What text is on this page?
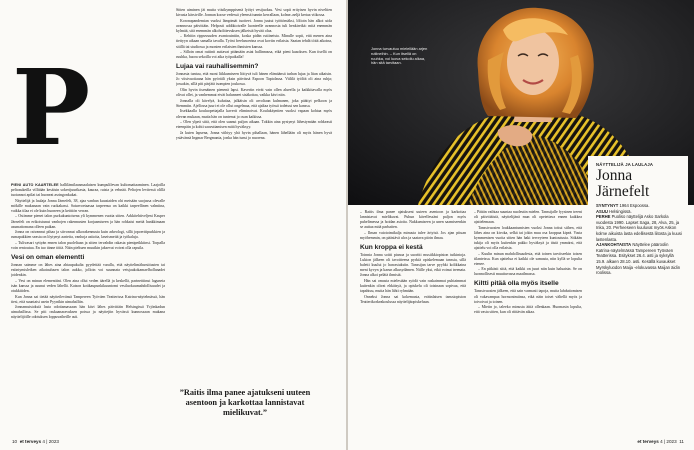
P

PIENI AUTO KAARTELEE hallilämilausmaalaisen kumpulilevan kultomattaaminen. Laajoilla peltoaukeilla villitään kesäisin sokerijuurikasta, kauraa, ruista ja vehnää. Peltojen levitessä olillä tuotannot apilat tai huoneat asringonkukat.

Näyttelijä ja laulaja Jonna Järnefelt, 38, ajaa vanhan kuusiaiden ohi metsään suojassa olevalle mökille mukanaan vain ruokakassi. Saturvoetaasaa tarpeensa on kaikki tarpeellinen valmiina, vaikka tilaa ei ole kuin huoneen ja keittiön verran.

– Ostimme pienet talon purkukuntoisena yli kymmenen vuotta sitten. Arkkitehtiveljeni Kasper Järnefelt on erikoistunut vanhojen rakennusten korjaamiseen ja hän rohkaisi meitä hankkimaan asumattomana olleen paikan.

Jonna on raivannut pihaa ja siivonnut ulkorakennusta kuin arkeologi, sillä jopoerttipurkkien ja rumapakkien seasta on löytynyt aarteita, vanhoja astioita, laseismeitä ja työkaluja.

– Tulivasari syttyän ennen talon puoleltaan ja sitten tervahdin rakasta pienipeikkiinsi. Torpalla voin rentoutua. En tuo tänne töitä. Näin pieltuen muutkin jaksevat voivat olla rapuila.

Vesi on oman elementti

Jonnan saimme on lähes aina ahtaupukulta pyydettää varalla, että näyttelimäharstitusten tai esiintymisleiken aikataulusen talon aukko, jolloin voi suunnata veisjaukokamaelhollanadet joidenkin.

– Vesi on minun elementtini. Olen aina ollut veden äärellä ja keskellä, parinettiinut laguneia isän kanssa ja asunut veden lähellä. Katson kotikaupunkikuuntomi vesiluokuumahdollisuudet ja otukkiiiden.

Kun Jonna sai tietää näytteilevänsä Tampereen Työväen Teatterissa Katrina-näytelmässä, hän tiesi, että suuntaisi usein Pyynikin uimahalliin.

Jonnamuistoksiä lasta odottamassaan hän kävi lähes päivittäin Helsingissä Yrjönkadun uimahallissa. Se piti raskaanaravuksen poissa ja näyttejiin hyvässä kunnossaan mukana näyttelijöille odotuksen loppuvaiheille asti.

Sitten uiminen jäi mutta viisikymppisenä lyötyt vesijuoksu. Vesi sopii erityisen hyvin niveltien kivusta kärsiville. Jonnan koose vedessä yleensä tunnin kerrallaan, kolme–neljä kertaa viikossa.

Koronapandemian vuoksi lämpimät tuotteet. Jonna juutui työttömäksi, lölioin hän alkoi uida avannossa päivittäin. Helposti addiktoivalle luonteelle avannosta tuli henkireikä: mitä enemmän kylmää, sitä enemmän alkoholittevuksen jälkeistä hyvää oloa.

– Kehitin rippuvuuden avantouintiin, koska pidän rutiineista. Minulle sopii, että menen aina tiettyyn aikaan samalla tavalla. Työni freelancerina ovat koviin erilaisia. Saatan tehdä töitä aikoina, sitillä tai studiossa ja monien erilaisten ihmisten kanssa.

– Silloin omat rutiinit auttavat pitämään asiat hallinnassa, eikä pieni kaaoksen. Kun itsellä on ruuhka, huora sekoilla voi aika työpaikalla!

Lujaa vai rauhallisemmin?

Jonnasta tuntuu, että moni liikkumiseen liittyvä tuli hänen elämäänsä turhan lujaa ja liian aikaisin. Jo viisivuotiaana hän pyöräili yksin päivässä Espoon Tapiolassa. Viililä työlöä oli aina ruhja; jossakin, sillä piti pärjätä isompien joukossa.

Olin hyvin itsenäinen pienenä lapsi. Kaveriin eivät vain ollen alueella ja kaikkitavalla myös olivat ollet, ja vanhemmat eivät halunneet sisäkottaa, vaikka kävi niin.

Jonnalla oli kävelyä, kuluttaa, jalkäisin oli arvoltaan kulmanen, joka päättyi pelkoon ja Stemmiin. Ajellossa juuri ei ole ollut ongelmaa, että ajaltaa työssä todetusi sen kanssa.

Itsekkaalla kouluopettajalla kaverit eliminoivat. Koulukäyntien vuoksi vapaan kohtaa myös olevan mukaan, mutta hän on tuntenut jo osan kaikissa.

– Olen ylpeä siitä, että olen saanut paljon aikaan. Tokkin aina pystynyt lähestymään rohkeasti eteenpäin ja kohti saavuttamisen mitä hyväksyy.

Ja kuten lapsena, Jonna viihtyy yhä hyvin pihallaan, hänen lähellään oli myös hänen hyvä ystävänsä Ingmar Bergmania, jonka hän tunsi jo nuorena.

”Raitis ilma panee ajatukseni uuteen asentoon ja karkottaa lannistavat mielikuvat.”
10 et terveys 4 | 2023
Jonna turvautuu mielellään arjen rutiineihin. – Kun itsellä on ruuhka, voi luova sekoilu alkaa, hän sitä tarvitaan.
NÄYTTELIJÄ JA LAULAJA
Jonna
Järnefelt

SYNTYNYT 1964 Espoossa.

ASUU Helsingissä.

PERHE Puoliso näyttelijä Asko Sarkola vuodesta 1990. Lapset Saga, 28, Alva, 25, ja Inka, 20. Perheeseen kuuluvat myös Askon kolme aikuista lasta edellisestä liitosta ja kuusi lastenlasta.

AJANKOHTAISTA Näyttelee pääroolin Katrina-näytelmässä Tampereen Työväen Teatterissa. Esitykset 26.4. asti ja syksyllä 15.9. alkaen 28.10. asti. Kesällä kuvaukset Myrskyluodon Maija -elokuvassa Maijan äidin roolissa.

– Raitis ilma panee ajatukseni uuteen asentoon ja karkottaa lannistavat mielikuvat. Puhun kävellessäni paljon myös puhelimessa ja hoidan asioita. Nukkumiseen ja unen saamiseenkin se auttaa mitä parhaiten.

– Ilman vaiotoimikalja minusta tulee ärtyisä. Jos ajan pituan myöhemmin, on päästävä ulos ja saatava piirin ilmaa.

Kun kroppa ei kestä

Toinnia Jonna soitti pianoa ja suoritti musiikkiopiston tutkintoja. Lukion jälkeen oli tavoitteena pyrkiä opiskelemaan tanssia, sillä baletti kuului jo harrastuksiin. Tanssijan tarve pyyhki kolikkaina meni kyvyn ja karun alkusydämen. Niille yksi, eikä voinut treenata. Jonna alkoi pelätä ihmisiä.

Hän sai omasta mielestään syödä vain raskaimmat puhtaimmat kuitenkin olivat ehkäisyä, ja opiskelu oli toisinaan sopivaa, että tapahtuu, mutta hän lähti ryhmään.

Onneksi Jonna sai kokemusta, eräänlaisen tanssiopiston Teatterikorkeakoulussa näyttelijäopiskeluun.

– Päätin vaihtaa suuntaa nuoleutin mielen. Tanssijalle fyysinen treeni oli päivittäistä, näyttelijänä mun oli opetettava ennen kaikkea ajattelemaan.

Tanssivuosien loukkaantumisten vuoksi Jonna tottui siihen, että lähes aina on kivoka, selkä tai jokin muu osa kroppaa kipeä. Vasta kymmenisen vuotta sitten hän haki terveyteen kuntoutusta. Sitkään tukija oli myös kuitenkin pakko hyväksyä ja tästä ymmärsi, että ajattelu voi olla erilaisia.

– Kuulin minun mahdollisuudesta, että toinen tarvitseekin toisen tilanteissa. Kun ajattelua ei kaikki ole samasta, niin kyllä se lopulta etenee.

– En pitkästi siitä, että kaikki on juuri niin kuin haluaisin. Se on luonnollisesti muuttuvassa maailmassa.

Kiltti pitää olla myös itselle

Tanssivuosien jälkeen, että sain varmasti tapoja, mutta lahduttomisen oli vakavampaa hormonimiinsa, eikä näin toiset vältellä myös ja toivoivat ja toinen.

– Mietin jo, taleeko minusta äitiä ollenkaan. Huomasin lopulta, että vasta sitten, kun oli riittävän aikaa.

et terveys 4 | 2023 11
